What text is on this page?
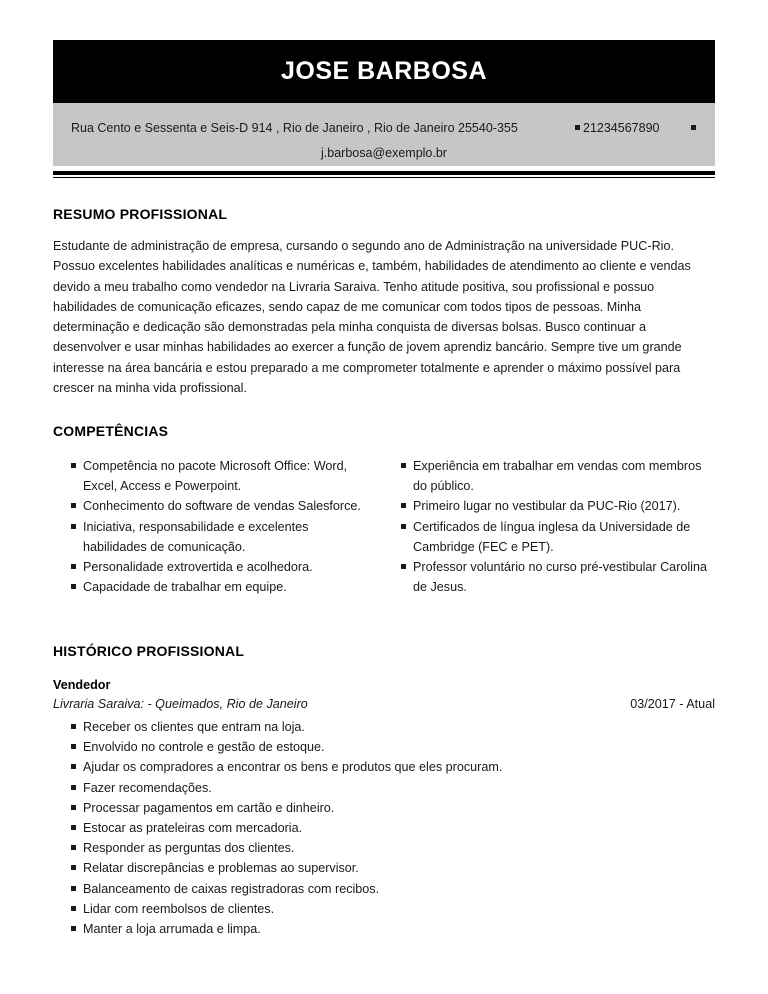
JOSE BARBOSA
Rua Cento e Sessenta e Seis-D 914 , Rio de Janeiro , Rio de Janeiro 25540-355	21234567890
j.barbosa@exemplo.br
RESUMO PROFISSIONAL
Estudante de administração de empresa, cursando o segundo ano de Administração na universidade PUC-Rio. Possuo excelentes habilidades analíticas e numéricas e, também, habilidades de atendimento ao cliente e vendas devido a meu trabalho como vendedor na Livraria Saraiva. Tenho atitude positiva, sou profissional e possuo habilidades de comunicação eficazes, sendo capaz de me comunicar com todos tipos de pessoas. Minha determinação e dedicação são demonstradas pela minha conquista de diversas bolsas. Busco continuar a desenvolver e usar minhas habilidades ao exercer a função de jovem aprendiz bancário. Sempre tive um grande interesse na área bancária e estou preparado a me comprometer totalmente e aprender o máximo possível para crescer na minha vida profissional.
COMPETÊNCIAS
Competência no pacote Microsoft Office: Word, Excel, Access e Powerpoint.
Conhecimento do software de vendas Salesforce.
Iniciativa, responsabilidade e excelentes habilidades de comunicação.
Personalidade extrovertida e acolhedora.
Capacidade de trabalhar em equipe.
Experiência em trabalhar em vendas com membros do público.
Primeiro lugar no vestibular da PUC-Rio (2017).
Certificados de língua inglesa da Universidade de Cambridge (FEC e PET).
Professor voluntário no curso pré-vestibular Carolina de Jesus.
HISTÓRICO PROFISSIONAL
Vendedor
Livraria Saraiva: - Queimados, Rio de Janeiro	03/2017 - Atual
Receber os clientes que entram na loja.
Envolvido no controle e gestão de estoque.
Ajudar os compradores a encontrar os bens e produtos que eles procuram.
Fazer recomendações.
Processar pagamentos em cartão e dinheiro.
Estocar as prateleiras com mercadoria.
Responder as perguntas dos clientes.
Relatar discrepâncias e problemas ao supervisor.
Balanceamento de caixas registradoras com recibos.
Lidar com reembolsos de clientes.
Manter a loja arrumada e limpa.
